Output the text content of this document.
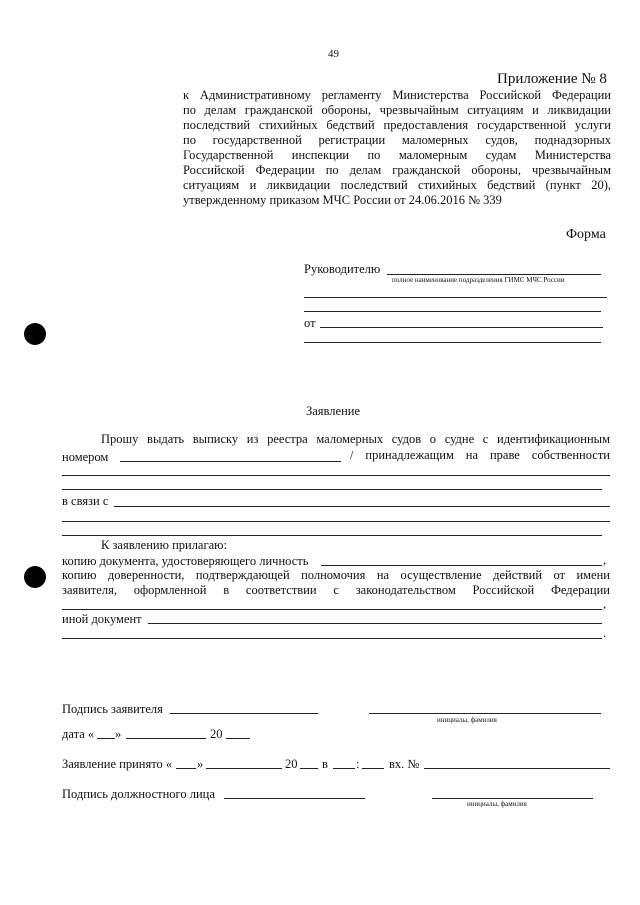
49
Приложение № 8
к Административному регламенту Министерства Российской Федерации
по делам гражданской обороны, чрезвычайным ситуациям и ликвидации
последствий стихийных бедствий предоставления государственной услуги
по государственной регистрации маломерных судов, поднадзорных
Государственной инспекции по маломерным судам Министерства
Российской Федерации по делам гражданской обороны, чрезвычайным
ситуациям и ликвидации последствий стихийных бедствий (пункт 20),
утвержденному приказом МЧС России от 24.06.2016 № 339
Форма
Руководителю
полное наименование подразделения ГИМС МЧС России
от
Заявление
Прошу выдать выписку из реестра маломерных судов о судне с идентификационным
номером	/ принадлежащим на праве собственности
в связи с
К заявлению прилагаю:
копию документа, удостоверяющего личность	,
копию доверенности, подтверждающей полномочия на осуществление действий от имени
заявителя, оформленной в соответствии с законодательством Российской Федерации
,
иной документ
.
Подпись заявителя
инициалы, фамилия
дата « »	20
Заявление принято « »	20 в : вх. №
Подпись должностного лица
инициалы, фамилия
